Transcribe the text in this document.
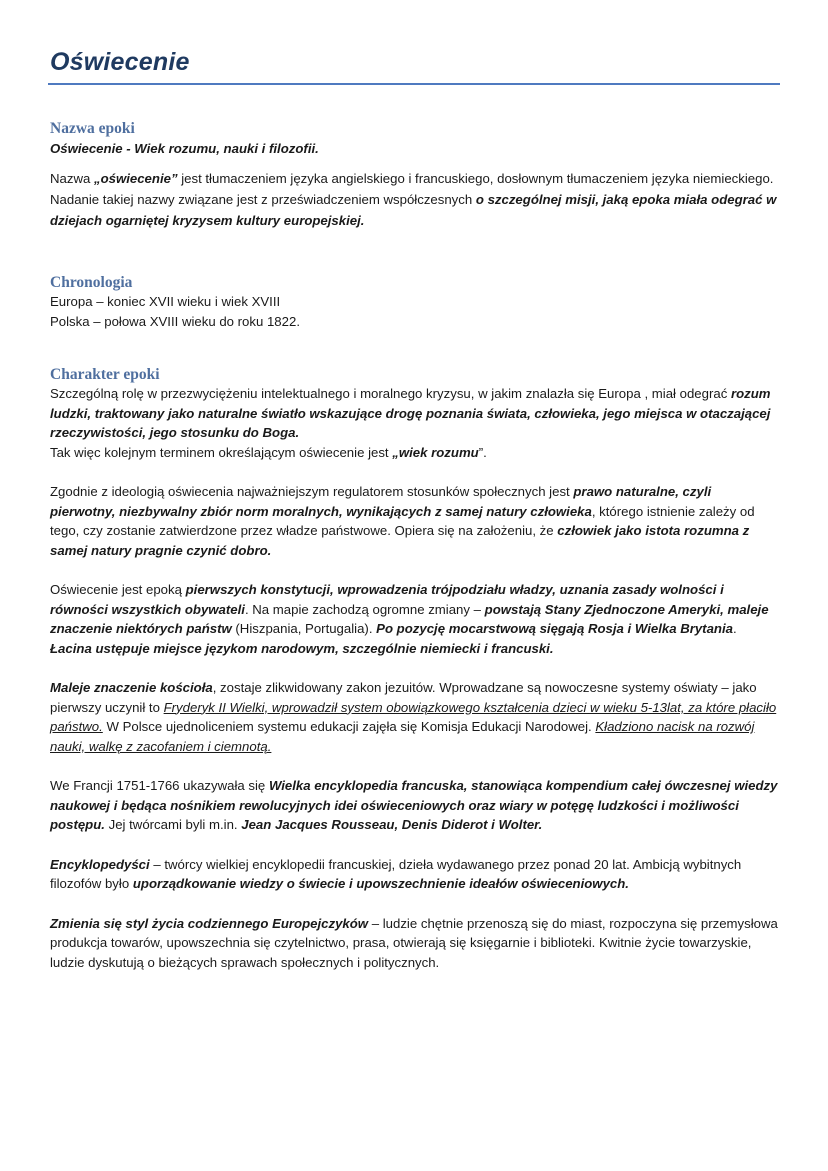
Oświecenie
Nazwa epoki

Oświecenie - Wiek rozumu, nauki i filozofii.

Nazwa „oświecenie” jest tłumaczeniem języka angielskiego i francuskiego, dosłownym tłumaczeniem języka niemieckiego. Nadanie takiej nazwy związane jest z przeświadczeniem współczesnych o szczególnej misji, jaką epoka miała odegrać w dziejach ogarniętej kryzysem kultury europejskiej.

Chronologia

Europa – koniec XVII wieku i wiek XVIII

Polska – połowa XVIII wieku do roku 1822.

Charakter epoki

Szczególną rolę w przezwyciężeniu intelektualnego i moralnego kryzysu, w jakim znalazła się Europa , miał odegrać rozum ludzki, traktowany jako naturalne światło wskazujące drogę poznania świata, człowieka, jego miejsca w otaczającej rzeczywistości, jego stosunku do Boga.
Tak więc kolejnym terminem określającym oświecenie jest „wiek rozumu”.

Zgodnie z ideologią oświecenia najważniejszym regulatorem stosunków społecznych jest prawo naturalne, czyli pierwotny, niezbywalny zbiór norm moralnych, wynikających z samej natury człowieka, którego istnienie zależy od tego, czy zostanie zatwierdzone przez władze państwowe. Opiera się na założeniu, że człowiek jako istota rozumna z samej natury pragnie czynić dobro.

Oświecenie jest epoką pierwszych konstytucji, wprowadzenia trójpodziału władzy, uznania zasady wolności i równości wszystkich obywateli. Na mapie zachodzą ogromne zmiany – powstają Stany Zjednoczone Ameryki, maleje znaczenie niektórych państw (Hiszpania, Portugalia). Po pozycję mocarstwową sięgają Rosja i Wielka Brytania. Łacina ustępuje miejsce językom narodowym, szczególnie niemiecki i francuski.

Maleje znaczenie kościoła, zostaje zlikwidowany zakon jezuitów. Wprowadzane są nowoczesne systemy oświaty – jako pierwszy uczynił to Fryderyk II Wielki, wprowadził system obowiązkowego kształcenia dzieci w wieku 5-13lat, za które płaciło państwo. W Polsce ujednoliceniem systemu edukacji zajęła się Komisja Edukacji Narodowej. Kładziono nacisk na rozwój nauki, walkę z zacofaniem i ciemnotą.

We Francji 1751-1766 ukazywała się Wielka encyklopedia francuska, stanowiąca kompendium całej ówczesnej wiedzy naukowej i będąca nośnikiem rewolucyjnych idei oświeceniowych oraz wiary w potęgę ludzkości i możliwości postępu. Jej twórcami byli m.in. Jean Jacques Rousseau, Denis Diderot i Wolter.

Encyklopedyści – twórcy wielkiej encyklopedii francuskiej, dzieła wydawanego przez ponad 20 lat. Ambicją wybitnych filozofów było uporządkowanie wiedzy o świecie i upowszechnienie ideałów oświeceniowych.

Zmienia się styl życia codziennego Europejczyków – ludzie chętnie przenoszą się do miast, rozpoczyna się przemysłowa produkcja towarów, upowszechnia się czytelnictwo, prasa, otwierają się księgarnie i biblioteki. Kwitnie życie towarzyskie, ludzie dyskutują o bieżących sprawach społecznych i politycznych.
